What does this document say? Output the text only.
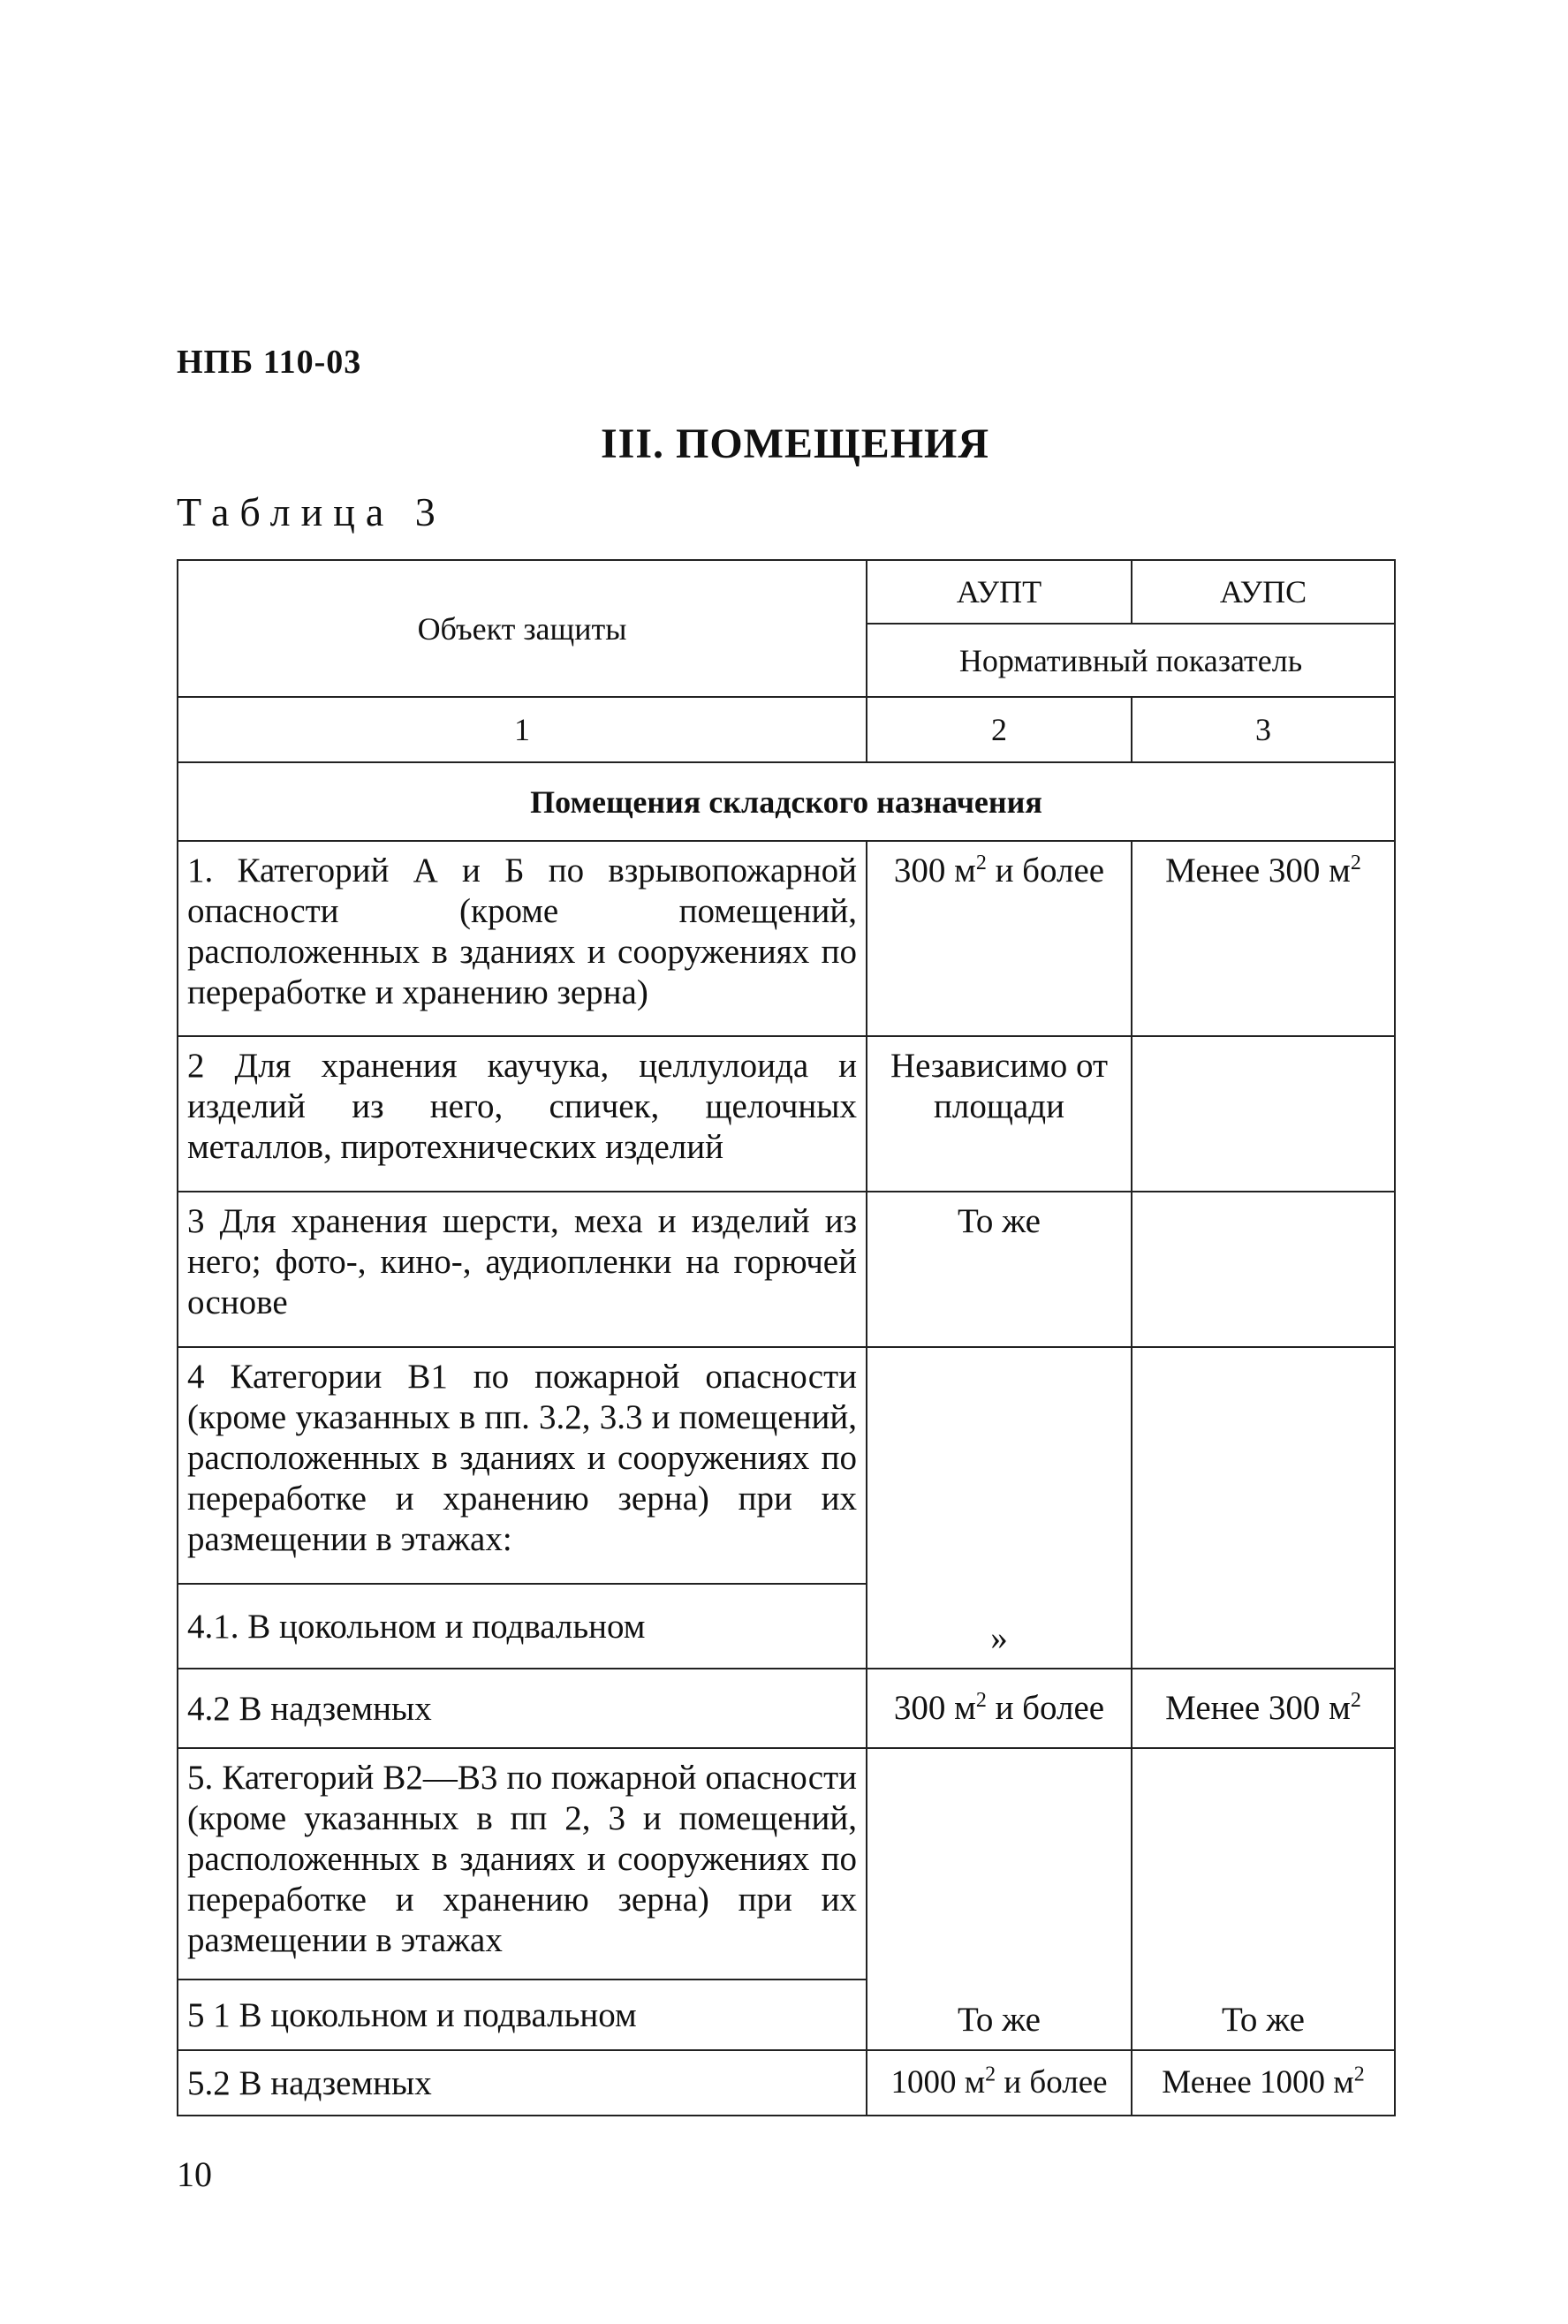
НПБ 110-03
III. ПОМЕЩЕНИЯ
Таблица 3
Объект защиты	АУПТ	АУПС
	Нормативный показатель	
1	2	3
Помещения складского назначения		
1. Категорий А и Б по взрывопожарной опасности (кроме помещений, расположенных в зданиях и сооружениях по переработке и хранению зерна)	300 $м^2$ и более	Менее 300 $м^2$
2 Для хранения каучука, целлулоида и изделий из него, спичек, щелочных металлов, пиротехнических изделий	Независимо от площади	
3 Для хранения шерсти, меха и изделий из него; фото-, кино-, аудиопленки на горючей основе	То же	
4 Категории В1 по пожарной опасности (кроме указанных в пп. 3.2, 3.3 и помещений, расположенных в зданиях и сооружениях по переработке и хранению зерна) при их размещении в этажах:	»	
4.1. В цокольном и подвальном		
4.2 В надземных	300 $м^2$ и более	Менее 300 $м^2$
5. Категорий В2—В3 по пожарной опасности (кроме указанных в пп 2, 3 и помещений, расположенных в зданиях и сооружениях по переработке и хранению зерна) при их размещении в этажах	То же	То же
5 1 В цокольном и подвальном		
5.2 В надземных	1000 $м^2$ и более	Менее 1000 $м^2$
10
